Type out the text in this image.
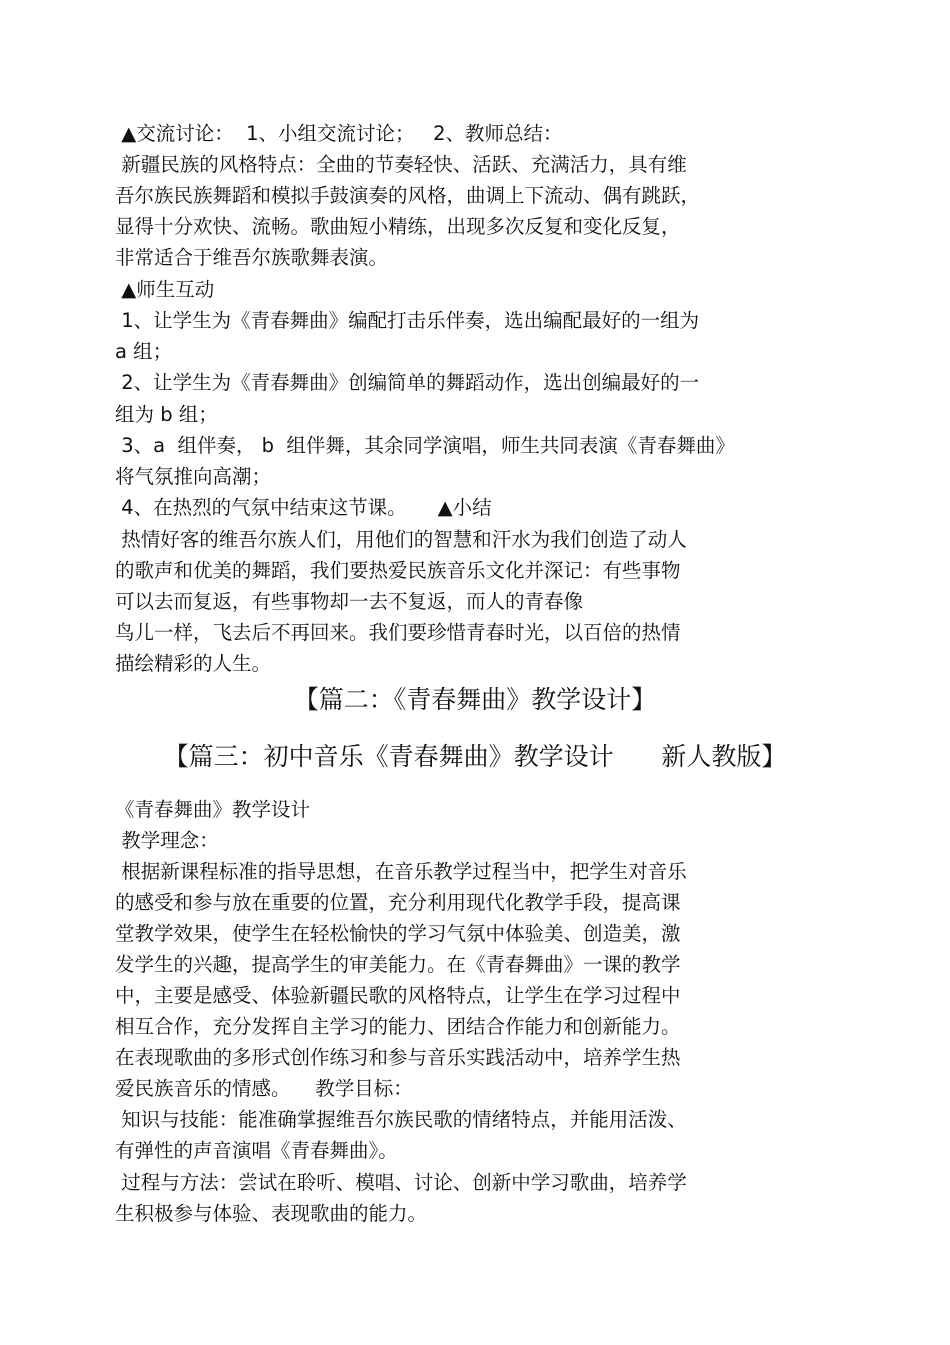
▲交流讨论：  1、小组交流讨论；   2、教师总结：
新疆民族的风格特点：全曲的节奏轻快、活跃、充满活力，具有维
吾尔族民族舞蹈和模拟手鼓演奏的风格，曲调上下流动、偶有跳跃，
显得十分欢快、流畅。歌曲短小精练，出现多次反复和变化反复，
非常适合于维吾尔族歌舞表演。
▲师生互动
1、让学生为《青春舞曲》编配打击乐伴奏，选出编配最好的一组为
a 组；
2、让学生为《青春舞曲》创编简单的舞蹈动作，选出创编最好的一
组为 b 组；
3、a  组伴奏， b  组伴舞，其余同学演唱，师生共同表演《青春舞曲》
将气氛推向高潮；
4、在热烈的气氛中结束这节课。     ▲小结
热情好客的维吾尔族人们，用他们的智慧和汗水为我们创造了动人
的歌声和优美的舞蹈，我们要热爱民族音乐文化并深记：有些事物
可以去而复返，有些事物却一去不复返，而人的青春像
鸟儿一样，飞去后不再回来。我们要珍惜青春时光，以百倍的热情
描绘精彩的人生。
【篇二：《青春舞曲》教学设计】
【篇三：初中音乐《青春舞曲》教学设计      新人教版】
《青春舞曲》教学设计
教学理念：
根据新课程标准的指导思想，在音乐教学过程当中，把学生对音乐
的感受和参与放在重要的位置，充分利用现代化教学手段，提高课
堂教学效果，使学生在轻松愉快的学习气氛中体验美、创造美，激
发学生的兴趣，提高学生的审美能力。在《青春舞曲》一课的教学
中，主要是感受、体验新疆民歌的风格特点，让学生在学习过程中
相互合作，充分发挥自主学习的能力、团结合作能力和创新能力。
在表现歌曲的多形式创作练习和参与音乐实践活动中，培养学生热
爱民族音乐的情感。    教学目标：
知识与技能：能准确掌握维吾尔族民歌的情绪特点，并能用活泼、
有弹性的声音演唱《青春舞曲》。
过程与方法：尝试在聆听、模唱、讨论、创新中学习歌曲，培养学
生积极参与体验、表现歌曲的能力。
